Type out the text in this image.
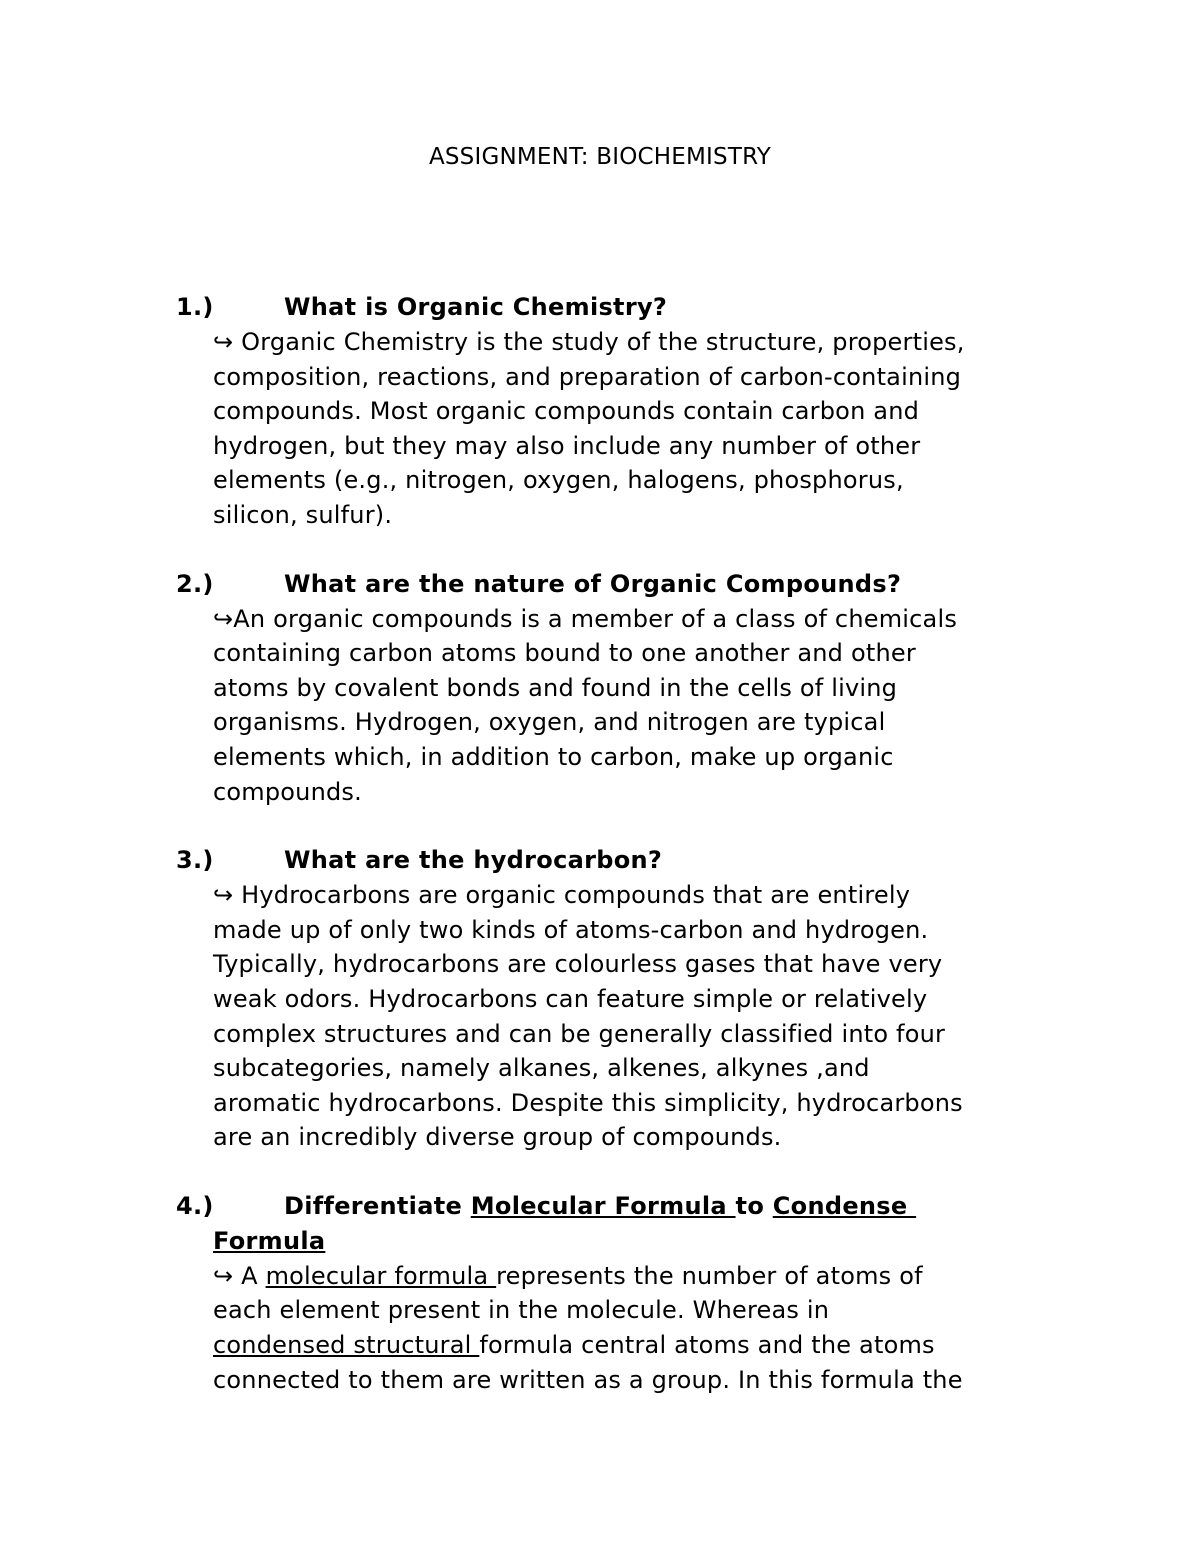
ASSIGNMENT: BIOCHEMISTRY
1.)	What is Organic Chemistry?
↪ Organic Chemistry is the study of the structure, properties,
composition, reactions, and preparation of carbon-containing
compounds. Most organic compounds contain carbon and
hydrogen, but they may also include any number of other
elements (e.g., nitrogen, oxygen, halogens, phosphorus,
silicon, sulfur).
2.)	What are the nature of Organic Compounds?
↪An organic compounds is a member of a class of chemicals
containing carbon atoms bound to one another and other
atoms by covalent bonds and found in the cells of living
organisms. Hydrogen, oxygen, and nitrogen are typical
elements which, in addition to carbon, make up organic
compounds.
3.)	What are the hydrocarbon?
↪ Hydrocarbons are organic compounds that are entirely
made up of only two kinds of atoms-carbon and hydrogen.
Typically, hydrocarbons are colourless gases that have very
weak odors. Hydrocarbons can feature simple or relatively
complex structures and can be generally classified into four
subcategories, namely alkanes, alkenes, alkynes ,and
aromatic hydrocarbons. Despite this simplicity, hydrocarbons
are an incredibly diverse group of compounds.
4.)	Differentiate Molecular Formula to Condense
Formula
↪ A molecular formula represents the number of atoms of
each element present in the molecule. Whereas in
condensed structural formula central atoms and the atoms
connected to them are written as a group. In this formula the
